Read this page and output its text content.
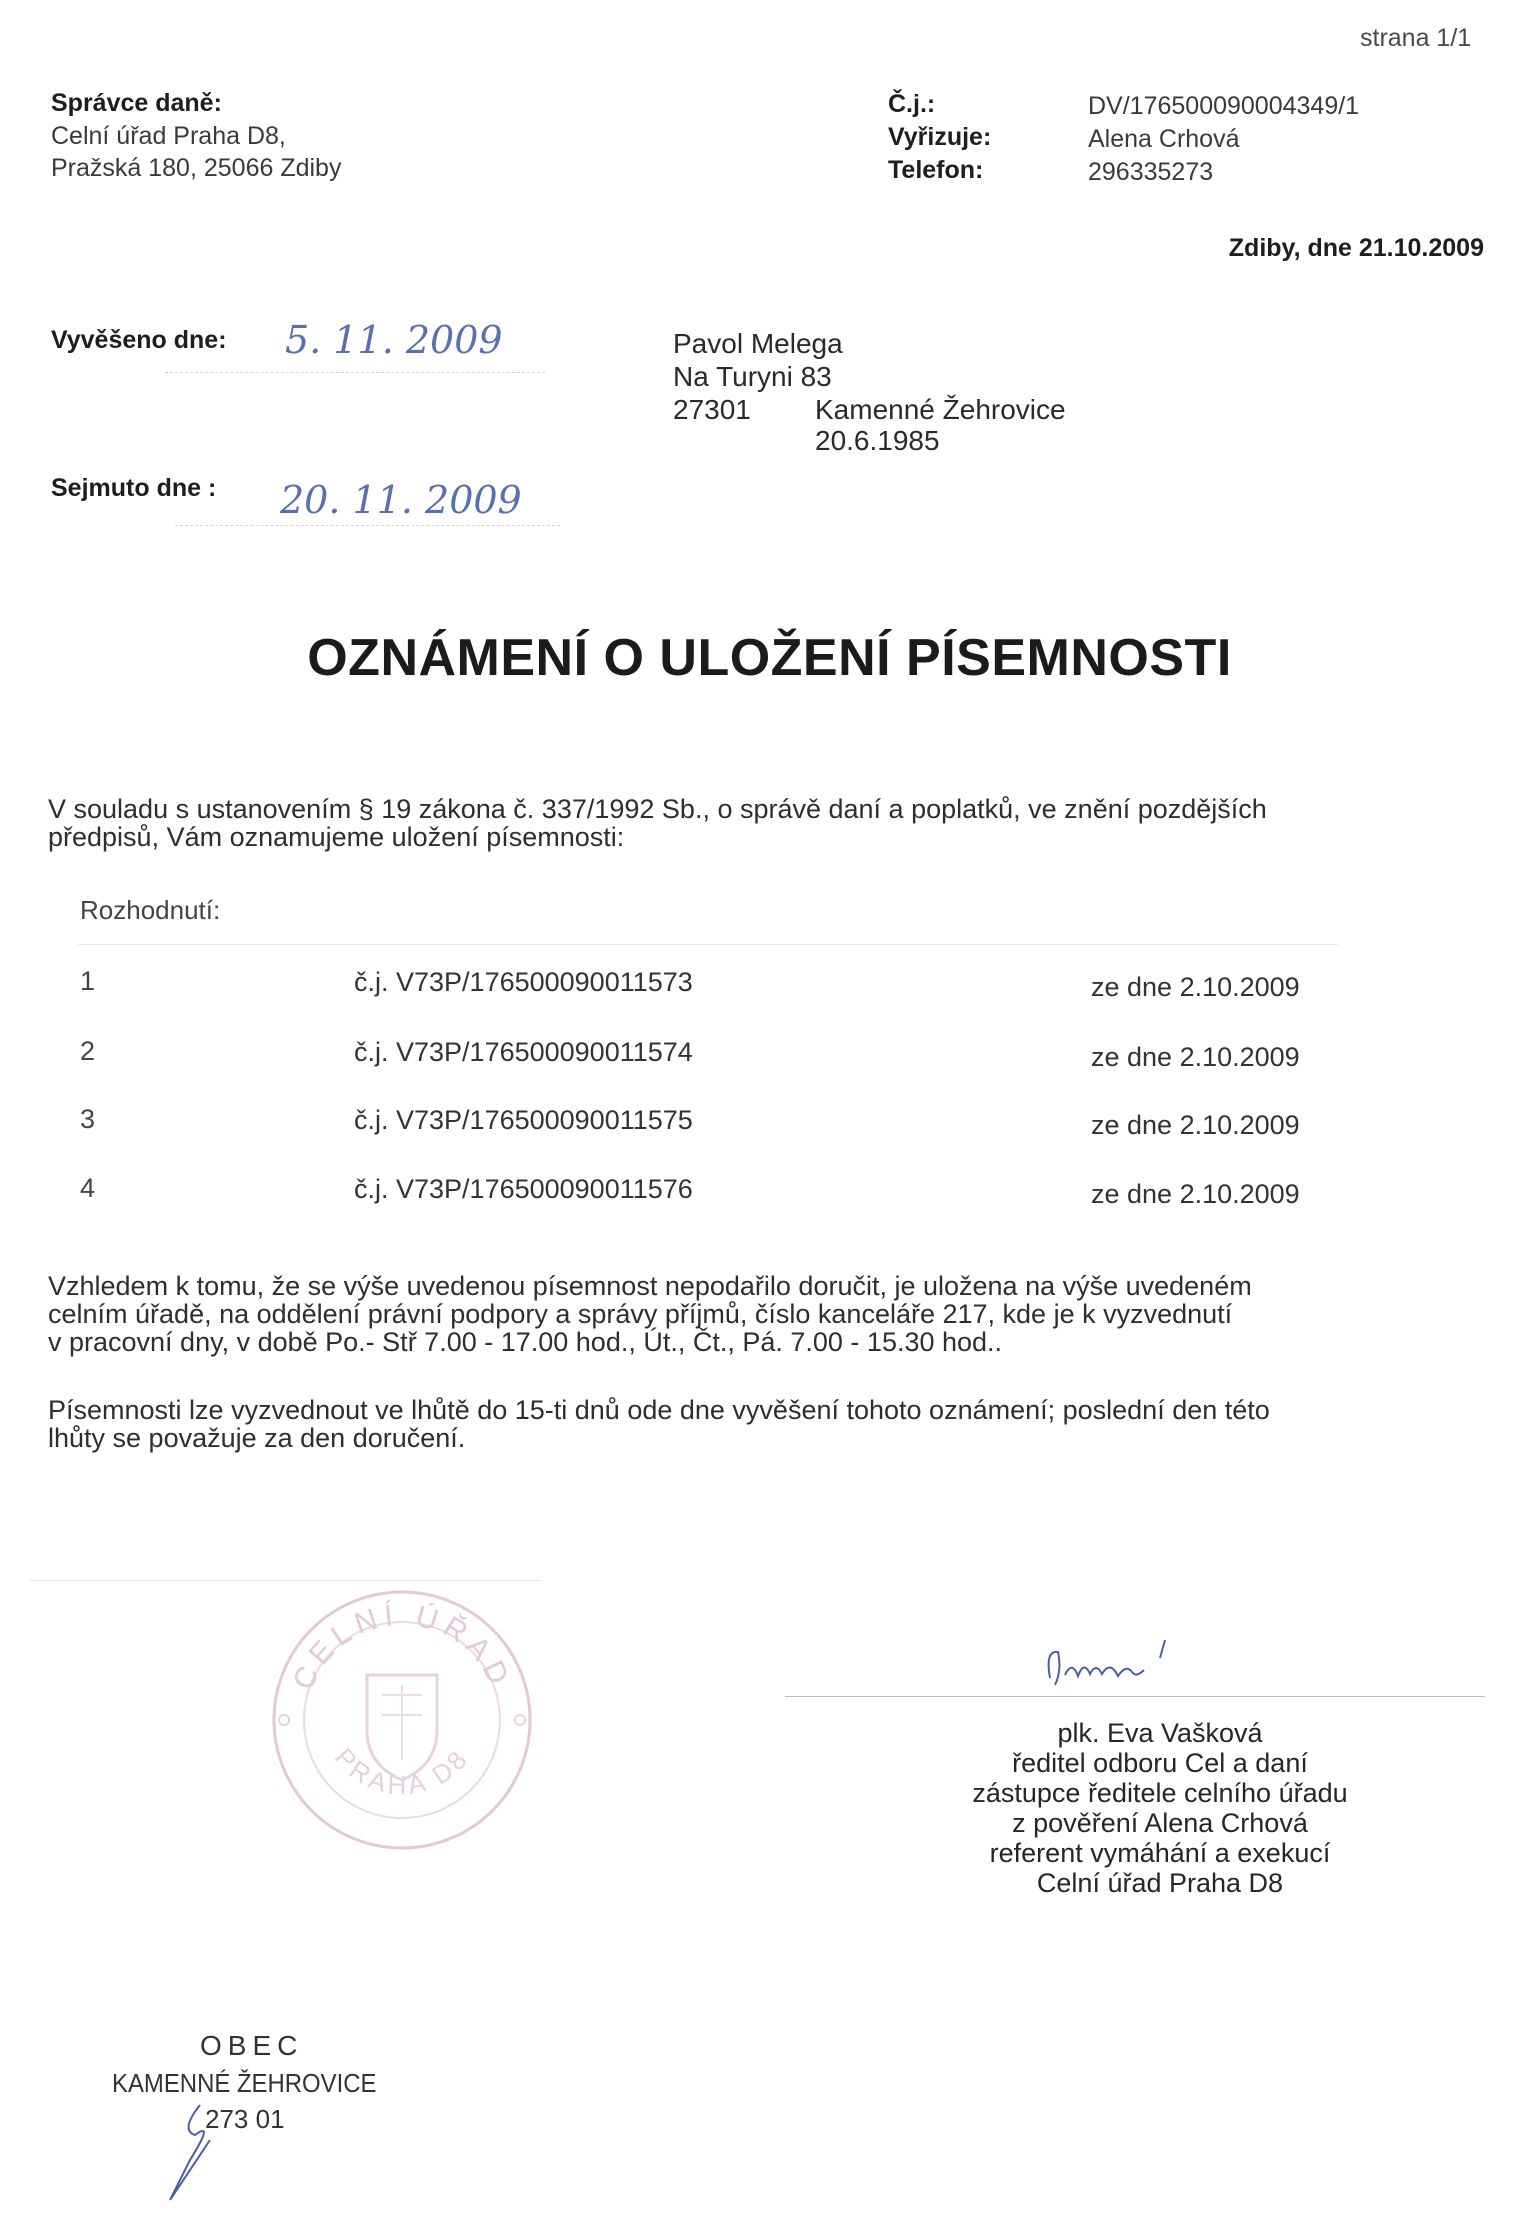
strana 1/1
Správce daně:
Celní úřad Praha D8,
Pražská 180, 25066 Zdiby
Č.j.:	DV/176500090004349/1
Vyřizuje:	Alena Crhová
Telefon:	296335273
Zdiby, dne 21.10.2009
Vyvěšeno dne: 5. 11. 2009
Sejmuto dne : 20. 11. 2009
Pavol Melega
Na Turyni 83
27301 Kamenné Žehrovice
20.6.1985
OZNÁMENÍ O ULOŽENÍ PÍSEMNOSTI
V souladu s ustanovením § 19 zákona č. 337/1992 Sb., o správě daní a poplatků, ve znění pozdějších
předpisů, Vám oznamujeme uložení písemnosti:
Rozhodnutí:
1	č.j. V73P/176500090011573	ze dne 2.10.2009
2	č.j. V73P/176500090011574	ze dne 2.10.2009
3	č.j. V73P/176500090011575	ze dne 2.10.2009
4	č.j. V73P/176500090011576	ze dne 2.10.2009
Vzhledem k tomu, že se výše uvedenou písemnost nepodařilo doručit, je uložena na výše uvedeném
celním úřadě, na oddělení právní podpory a správy příjmů, číslo kanceláře 217, kde je k vyzvednutí
v pracovní dny, v době Po.- Stř 7.00 - 17.00 hod., Út., Čt., Pá. 7.00 - 15.30 hod..
Písemnosti lze vyzvednout ve lhůtě do 15-ti dnů ode dne vyvěšení tohoto oznámení; poslední den této
lhůty se považuje za den doručení.
CELNÍ ÚŘAD
PRAHA D8
plk. Eva Vašková
ředitel odboru Cel a daní
zástupce ředitele celního úřadu
z pověření Alena Crhová
referent vymáhání a exekucí
Celní úřad Praha D8
OBEC
KAMENNÉ ŽEHROVICE
273 01
